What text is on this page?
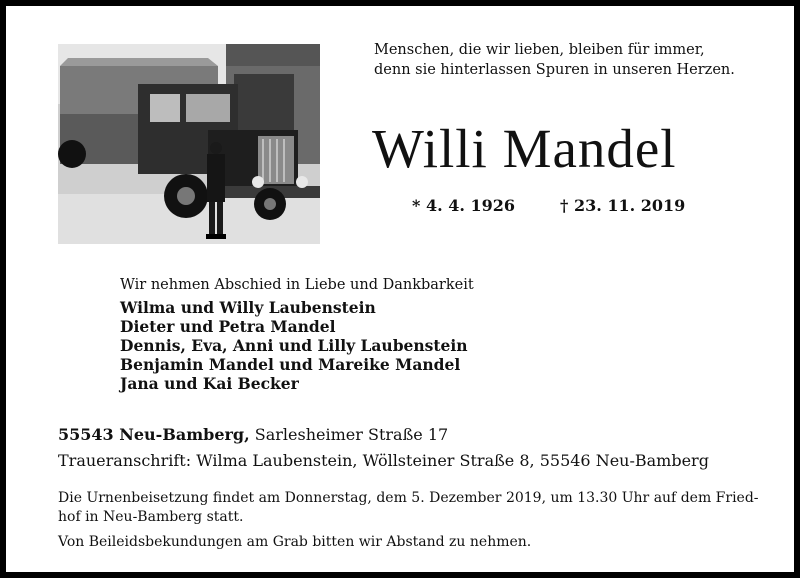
Menschen, die wir lieben, bleiben für immer,
denn sie hinterlassen Spuren in unseren Herzen.
Willi Mandel
* 4. 4. 1926	† 23. 11. 2019
Wir nehmen Abschied in Liebe und Dankbarkeit
Wilma und Willy Laubenstein
Dieter und Petra Mandel
Dennis, Eva, Anni und Lilly Laubenstein
Benjamin Mandel und Mareike Mandel
Jana und Kai Becker
55543 Neu-Bamberg, Sarlesheimer Straße 17
Traueranschrift: Wilma Laubenstein, Wöllsteiner Straße 8, 55546 Neu-Bamberg
Die Urnenbeisetzung findet am Donnerstag, dem 5. Dezember 2019, um 13.30 Uhr auf dem Fried-
hof in Neu-Bamberg statt.
Von Beileidsbekundungen am Grab bitten wir Abstand zu nehmen.
